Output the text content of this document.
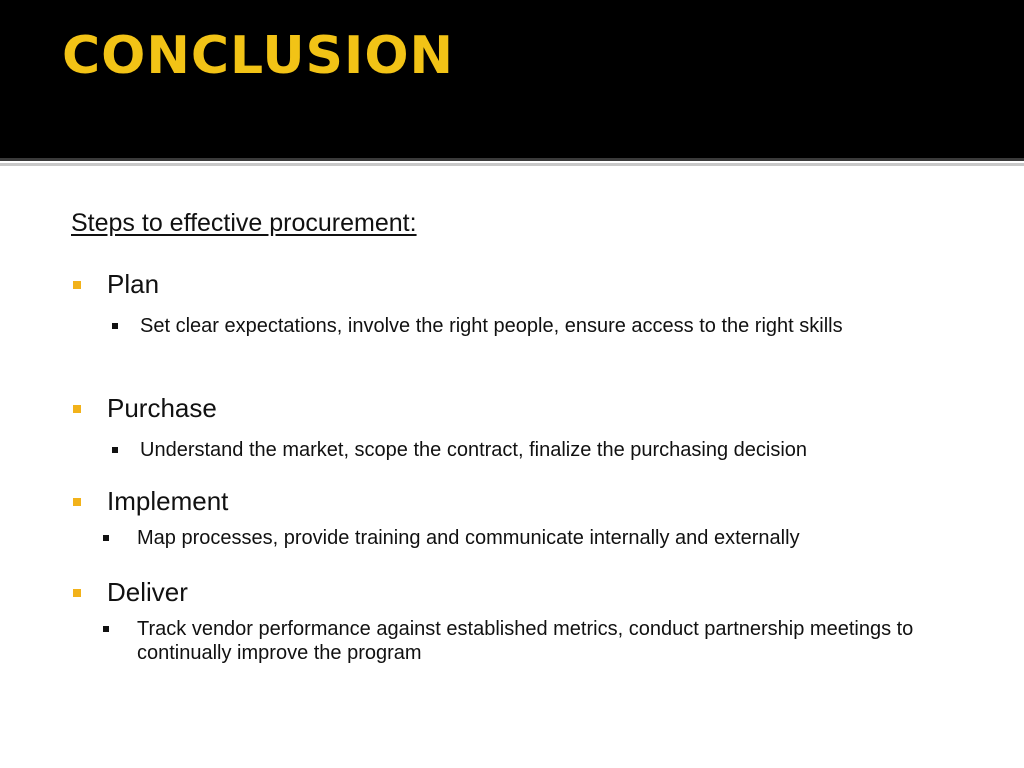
CONCLUSION
Steps to effective procurement:
Plan
Set clear expectations, involve the right people, ensure access to the right skills
Purchase
Understand the market, scope the contract, finalize the purchasing decision
Implement
Map processes, provide training and communicate internally and externally
Deliver
Track vendor performance against established metrics, conduct partnership meetings to continually improve the program
